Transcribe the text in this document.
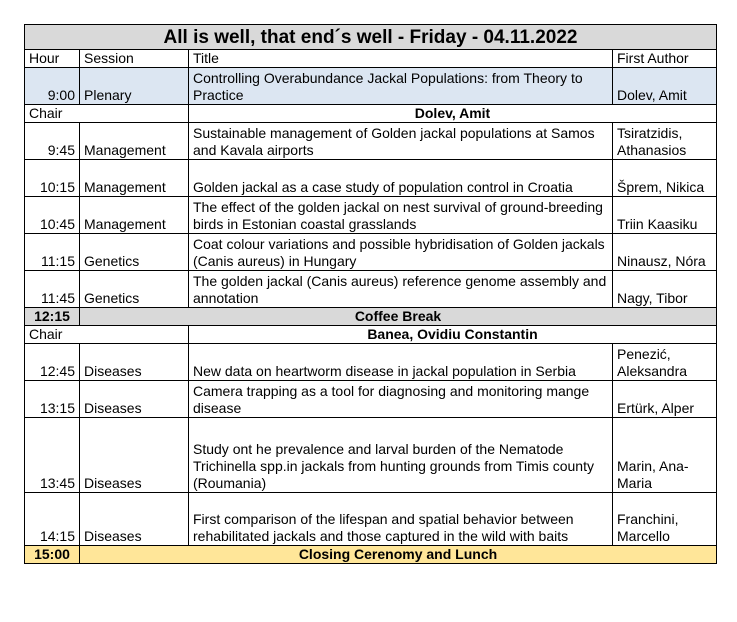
All is well, that end´s well - Friday - 04.11.2022			
Hour	Session	Title	First Author
9:00	Plenary	Controlling Overabundance Jackal Populations: from Theory to Practice	Dolev, Amit
Chair		Dolev, Amit	
9:45	Management	Sustainable management of Golden jackal populations at Samos and Kavala airports	Tsiratzidis, Athanasios
10:15	Management	Golden jackal as a case study of population control in Croatia	Šprem, Nikica
10:45	Management	The effect of the golden jackal on nest survival of ground-breeding birds in Estonian coastal grasslands	Triin Kaasiku
11:15	Genetics	Coat colour variations and possible hybridisation of Golden jackals (Canis aureus) in Hungary	Ninausz, Nóra
11:45	Genetics	The golden jackal (Canis aureus) reference genome assembly and annotation	Nagy, Tibor
12:15	Coffee Break		
Chair		Banea, Ovidiu Constantin	
12:45	Diseases	New data on heartworm disease in jackal population in Serbia	Penezić, Aleksandra
13:15	Diseases	Camera trapping as a tool for diagnosing and monitoring mange disease	Ertürk, Alper
13:45	Diseases	Study ont he prevalence and larval burden of the Nematode Trichinella spp.in jackals from hunting grounds from Timis county (Roumania)	Marin, Ana-Maria
14:15	Diseases	First comparison of the lifespan and spatial behavior between rehabilitated jackals and those captured in the wild with baits	Franchini, Marcello
15:00	Closing Cerenomy and Lunch		
